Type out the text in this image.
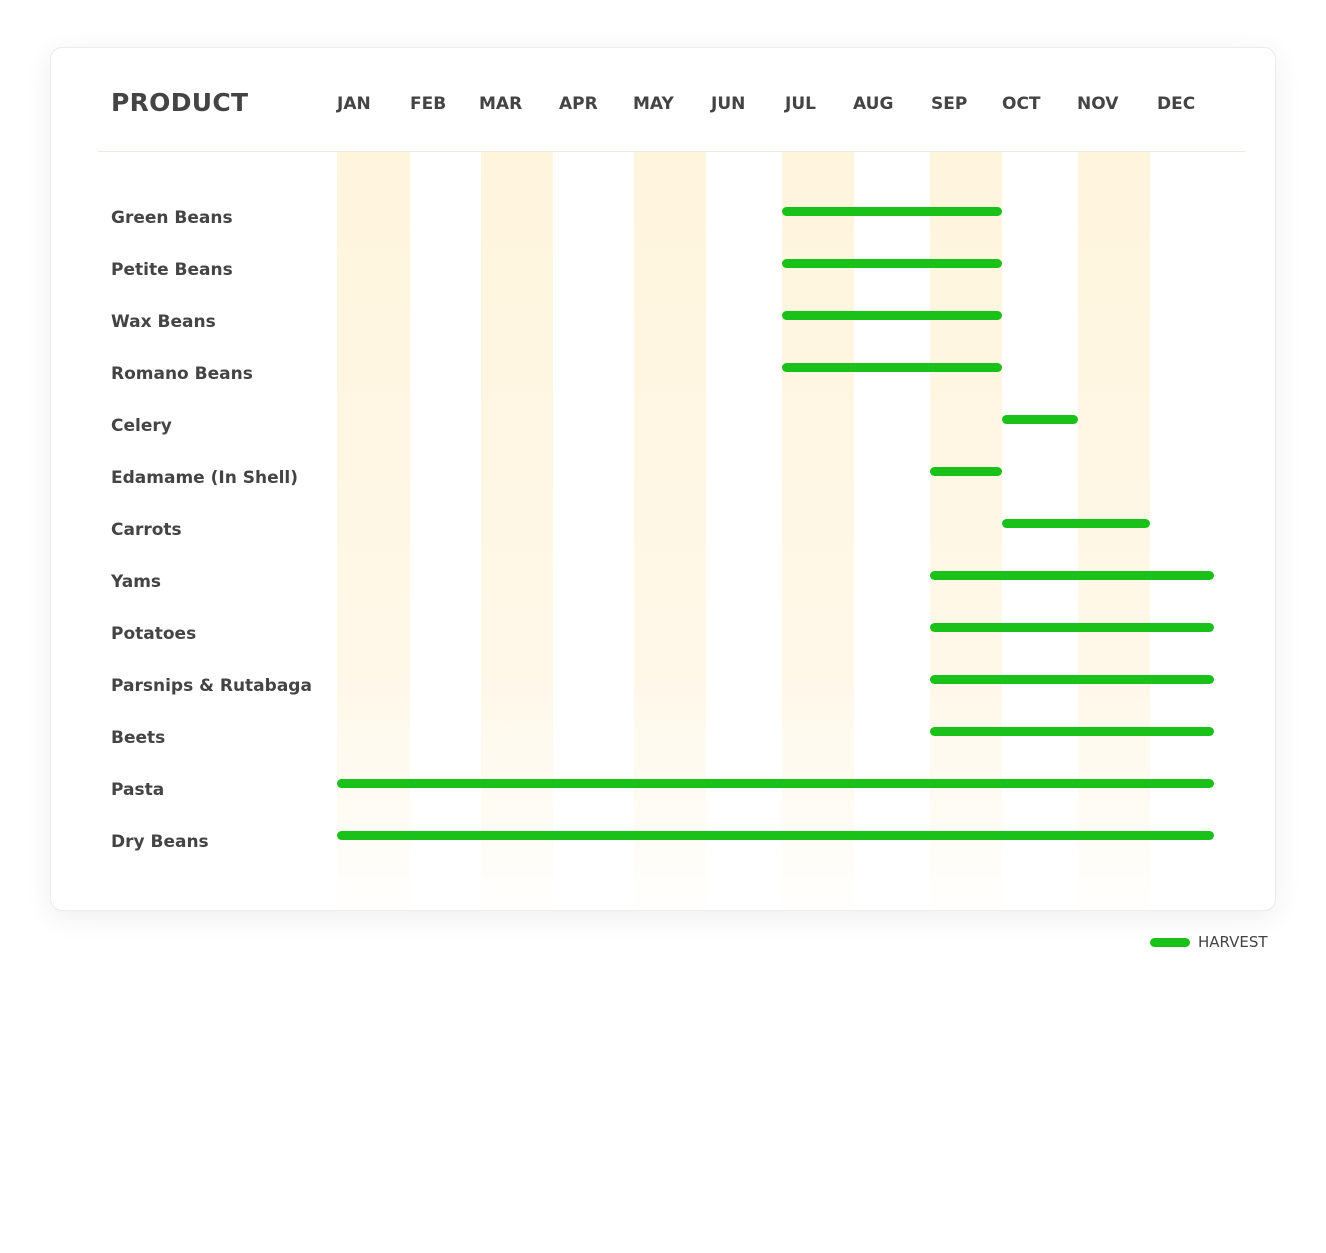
PRODUCT	JAN FEB MAR APR MAY JUN JUL AUG SEP OCT NOV DEC
Green Beans
Petite Beans
Wax Beans
Romano Beans
Celery
Edamame (In Shell)
Carrots
Yams
Potatoes
Parsnips & Rutabaga
Beets
Pasta
Dry Beans
HARVEST
